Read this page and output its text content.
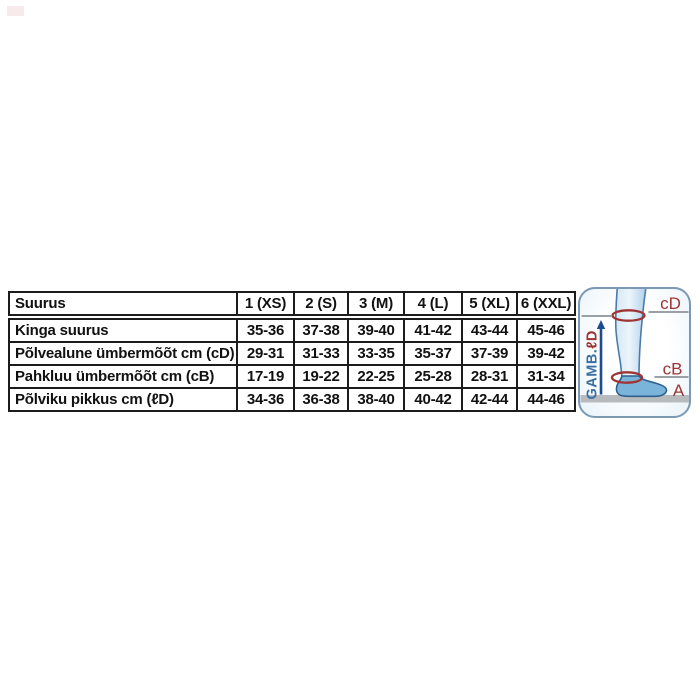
Suurus	1 (XS)	2 (S)	3 (M)	4 (L)	5 (XL)	6 (XXL)
Kinga suurus	35-36	37-38	39-40	41-42	43-44	45-46
Põlvealune ümbermõõt cm (cD)	29-31	31-33	33-35	35-37	37-39	39-42
Pahkluu ümbermõõt cm (cB)	17-19	19-22	22-25	25-28	28-31	31-34
Põlviku pikkus cm (ℓD)	34-36	36-38	38-40	40-42	42-44	44-46
cD
cB
A
GAMB.ℓD
